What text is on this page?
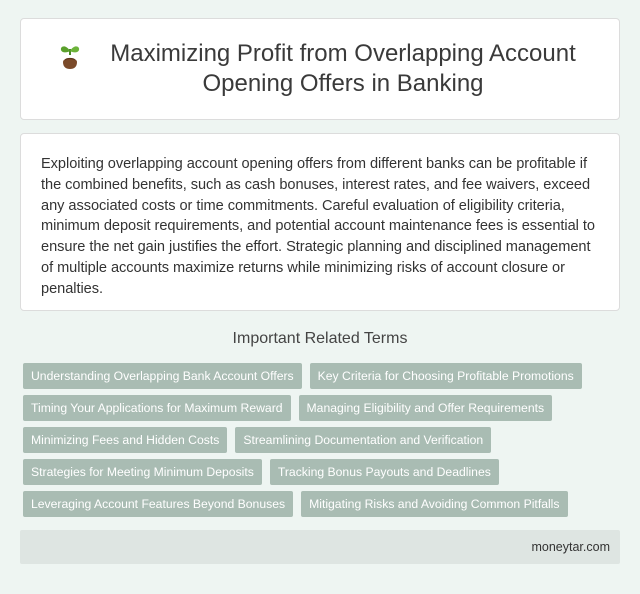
Maximizing Profit from Overlapping Account Opening Offers in Banking

Exploiting overlapping account opening offers from different banks can be profitable if the combined benefits, such as cash bonuses, interest rates, and fee waivers, exceed any associated costs or time commitments. Careful evaluation of eligibility criteria, minimum deposit requirements, and potential account maintenance fees is essential to ensure the net gain justifies the effort. Strategic planning and disciplined management of multiple accounts maximize returns while minimizing risks of account closure or penalties.

Important Related Terms
Understanding Overlapping Bank Account Offers	Key Criteria for Choosing Profitable Promotions
Timing Your Applications for Maximum Reward	Managing Eligibility and Offer Requirements
Minimizing Fees and Hidden Costs	Streamlining Documentation and Verification
Strategies for Meeting Minimum Deposits	Tracking Bonus Payouts and Deadlines
Leveraging Account Features Beyond Bonuses	Mitigating Risks and Avoiding Common Pitfalls
moneytar.com
